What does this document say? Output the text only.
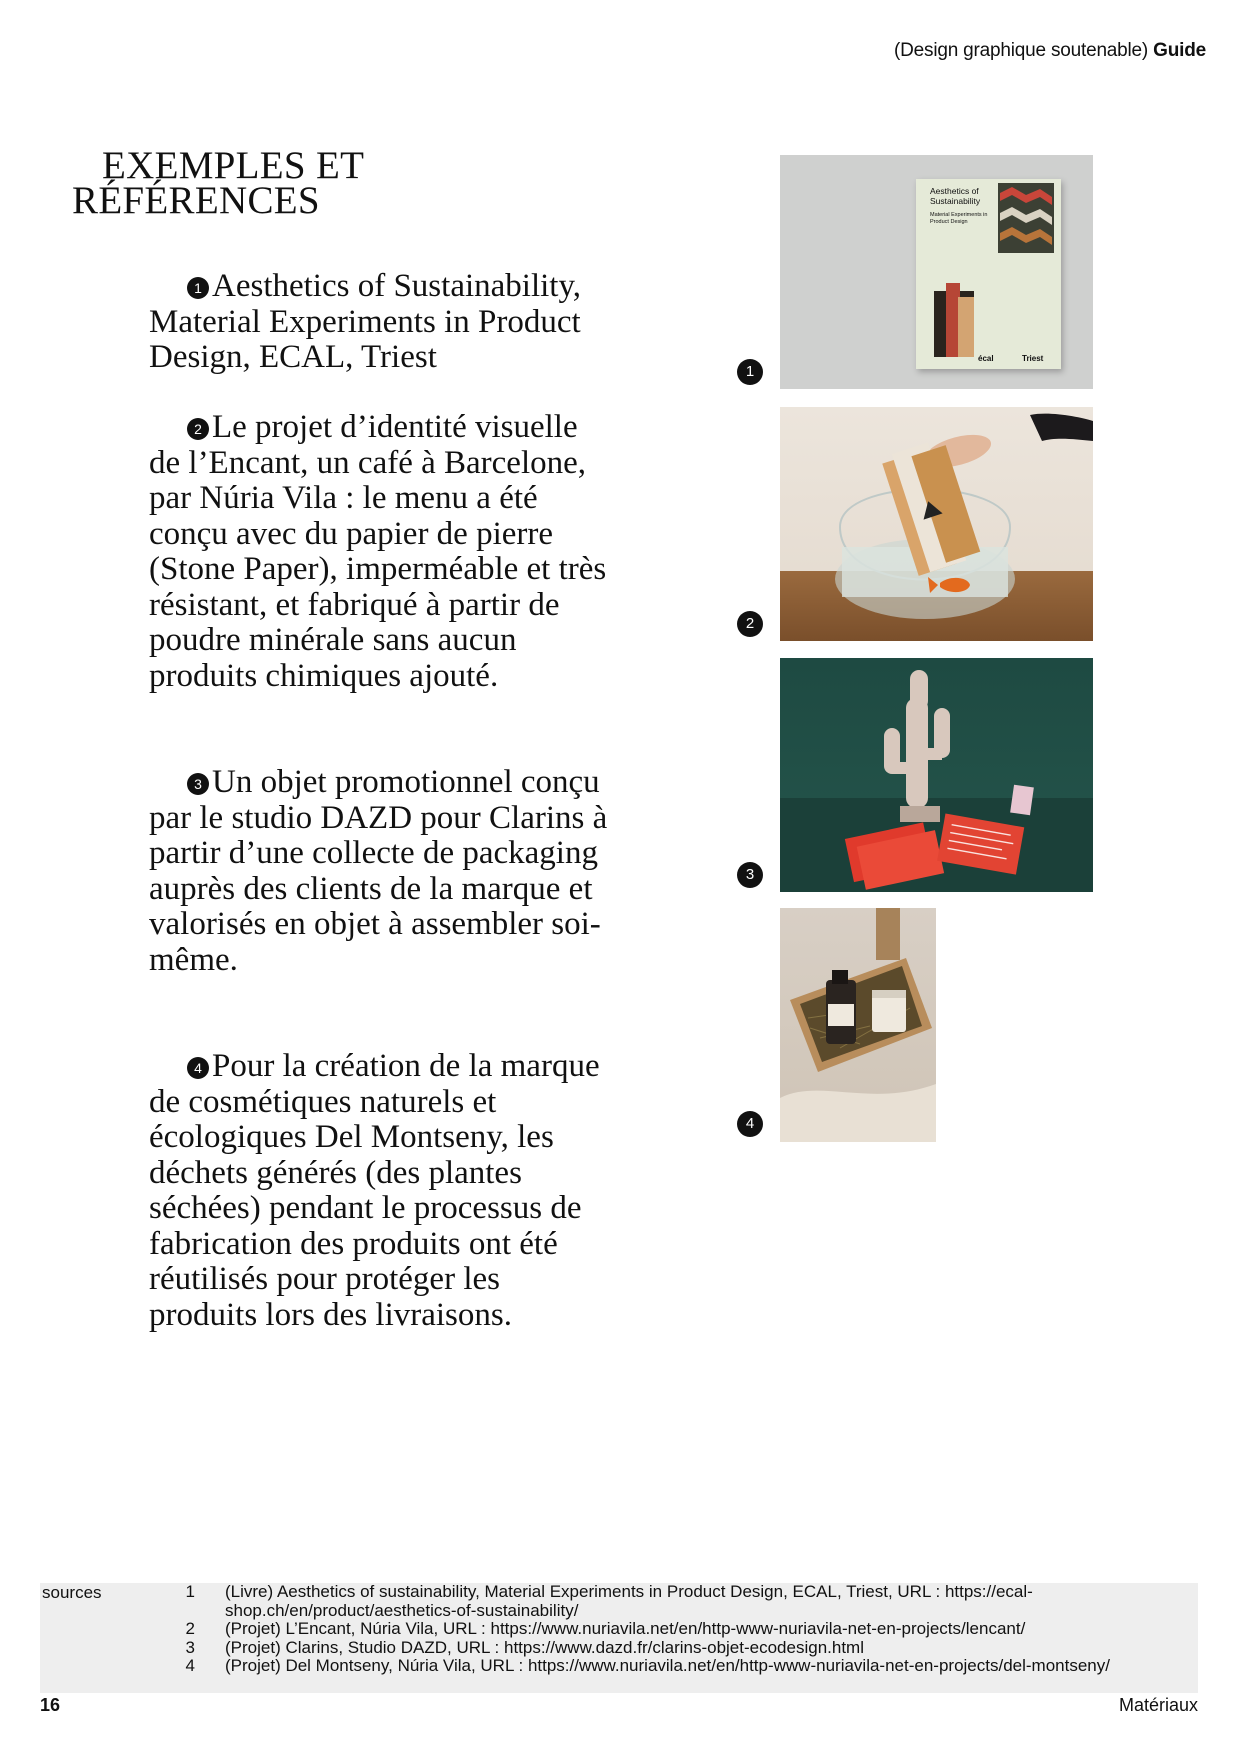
(Design graphique soutenable) Guide
EXEMPLES ET
RÉFÉRENCES

1 Aesthetics of Sustainability, Material Experiments in Product Design, ECAL, Triest

2 Le projet d’identité visuelle de l’Encant, un café à Barcelone, par Núria Vila : le menu a été conçu avec du papier de pierre (Stone Paper), imperméable et très résistant, et fabriqué à partir de poudre minérale sans aucun produits chimiques ajouté.

3 Un objet promotionnel conçu par le studio DAZD pour Clarins à partir d’une collecte de packaging auprès des clients de la marque et valorisés en objet à assembler soi-même.

4 Pour la création de la marque de cosmétiques naturels et écologiques Del Montseny, les déchets générés (des plantes séchées) pendant le processus de fabrication des produits ont été réutilisés pour protéger les produits lors des livraisons.

Aesthetics of Sustainability
Material Experiments in Product Design
écal	Triest
1
2
3
4
sources	1 (Livre) Aesthetics of sustainability, Material Experiments in Product Design, ECAL, Triest, URL : https://ecal-shop.ch/en/product/aesthetics-of-sustainability/
2 (Projet) L’Encant, Núria Vila, URL : https://www.nuriavila.net/en/http-www-nuriavila-net-en-projects/lencant/
3 (Projet) Clarins, Studio DAZD, URL : https://www.dazd.fr/clarins-objet-ecodesign.html
4 (Projet) Del Montseny, Núria Vila, URL : https://www.nuriavila.net/en/http-www-nuriavila-net-en-projects/del-montseny/
16	Matériaux
